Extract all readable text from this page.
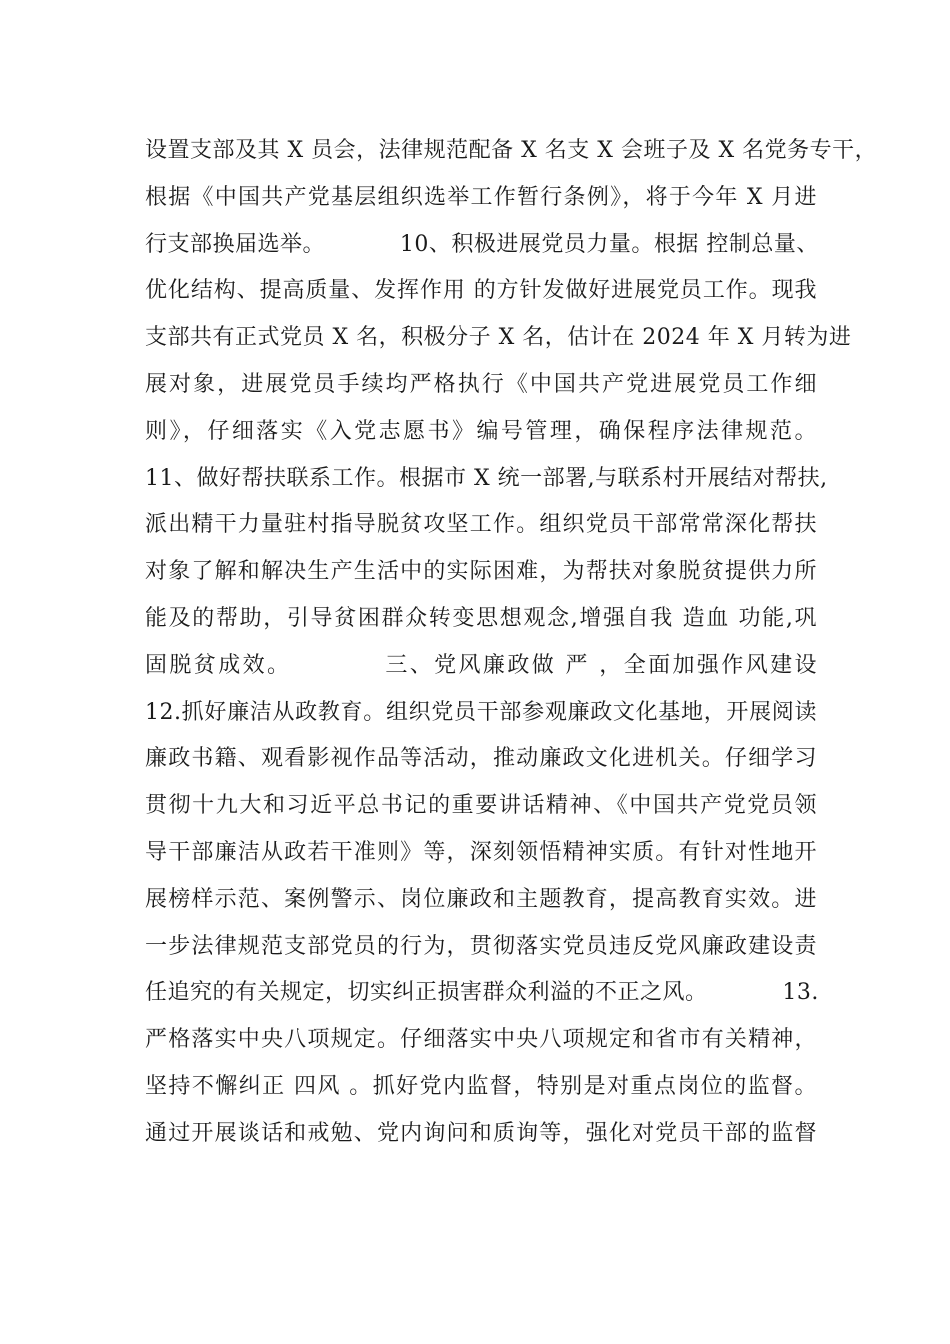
设置支部及其 X 员会，法律规范配备 X 名支 X 会班子及 X 名党务专干，
根据《中国共产党基层组织选举工作暂行条例》，将于今年 X 月进
行支部换届选举。          10、积极进展党员力量。根据 控制总量、
优化结构、提高质量、发挥作用 的方针发做好进展党员工作。现我
支部共有正式党员 X 名，积极分子 X 名，估计在 2024 年 X 月转为进
展对象，进展党员手续均严格执行《中国共产党进展党员工作细
则》，仔细落实《入党志愿书》编号管理，确保程序法律规范。
11、做好帮扶联系工作。根据市 X 统一部署,与联系村开展结对帮扶,
派出精干力量驻村指导脱贫攻坚工作。组织党员干部常常深化帮扶
对象了解和解决生产生活中的实际困难，为帮扶对象脱贫提供力所
能及的帮助，引导贫困群众转变思想观念,增强自我 造血 功能,巩
固脱贫成效。          三、党风廉政做 严 ，全面加强作风建设
12.抓好廉洁从政教育。组织党员干部参观廉政文化基地，开展阅读
廉政书籍、观看影视作品等活动，推动廉政文化进机关。仔细学习
贯彻十九大和习近平总书记的重要讲话精神、《中国共产党党员领
导干部廉洁从政若干准则》等，深刻领悟精神实质。有针对性地开
展榜样示范、案例警示、岗位廉政和主题教育，提高教育实效。进
一步法律规范支部党员的行为，贯彻落实党员违反党风廉政建设责
任追究的有关规定，切实纠正损害群众利溢的不正之风。          13.
严格落实中央八项规定。仔细落实中央八项规定和省市有关精神，
坚持不懈纠正 四风 。抓好党内监督，特别是对重点岗位的监督。
通过开展谈话和戒勉、党内询问和质询等，强化对党员干部的监督
